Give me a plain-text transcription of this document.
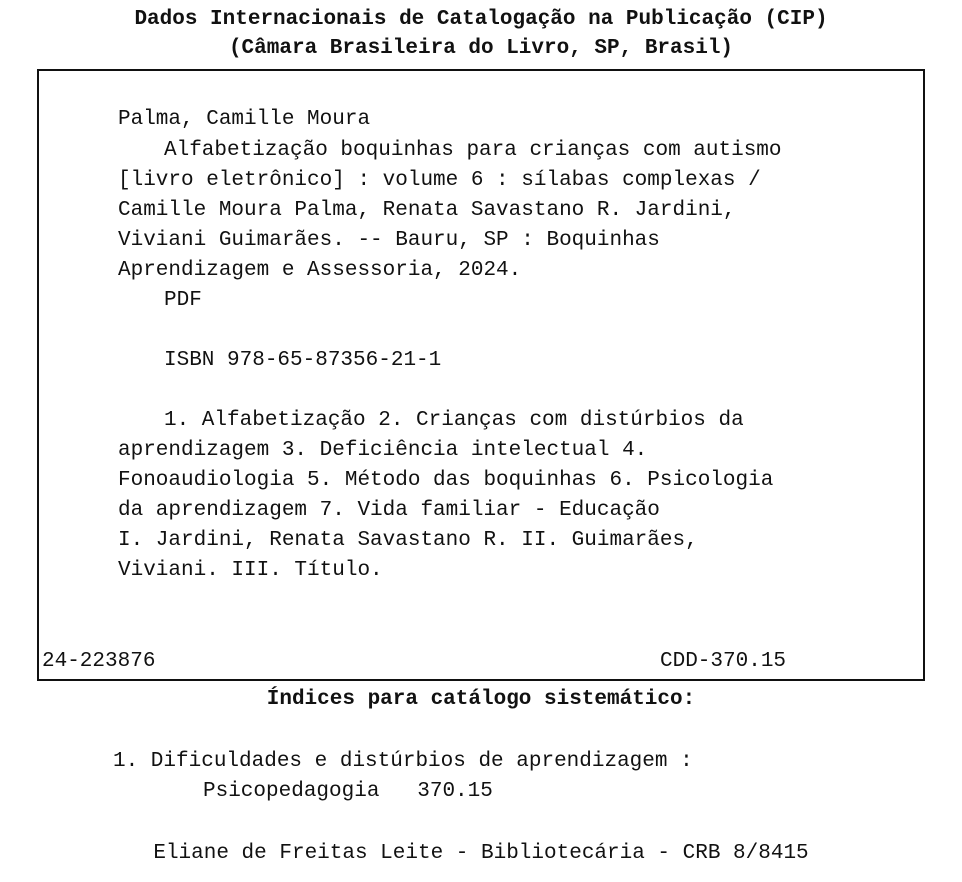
Dados Internacionais de Catalogação na Publicação (CIP)
(Câmara Brasileira do Livro, SP, Brasil)
Palma, Camille Moura
Alfabetização boquinhas para crianças com autismo
[livro eletrônico] : volume 6 : sílabas complexas /
Camille Moura Palma, Renata Savastano R. Jardini,
Viviani Guimarães. -- Bauru, SP : Boquinhas
Aprendizagem e Assessoria, 2024.
PDF
ISBN 978-65-87356-21-1
1. Alfabetização 2. Crianças com distúrbios da
aprendizagem 3. Deficiência intelectual 4.
Fonoaudiologia 5. Método das boquinhas 6. Psicologia
da aprendizagem 7. Vida familiar - Educação
I. Jardini, Renata Savastano R. II. Guimarães,
Viviani. III. Título.
24-223876	CDD-370.15
Índices para catálogo sistemático:
1. Dificuldades e distúrbios de aprendizagem :
Psicopedagogia   370.15
Eliane de Freitas Leite - Bibliotecária - CRB 8/8415
